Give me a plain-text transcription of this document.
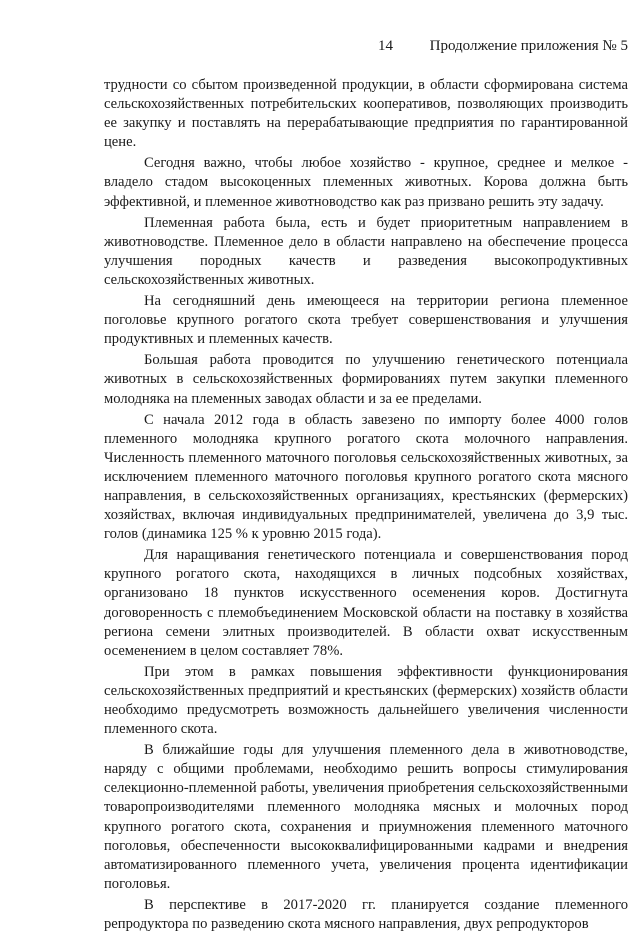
14 Продолжение приложения № 5

трудности со сбытом произведенной продукции, в области сформирована система сельскохозяйственных потребительских кооперативов, позволяющих производить ее закупку и поставлять на перерабатывающие предприятия по гарантированной цене.

Сегодня важно, чтобы любое хозяйство - крупное, среднее и мелкое - владело стадом высокоценных племенных животных. Корова должна быть эффективной, и племенное животноводство как раз призвано решить эту задачу.

Племенная работа была, есть и будет приоритетным направлением в животноводстве. Племенное дело в области направлено на обеспечение процесса улучшения породных качеств и разведения высокопродуктивных сельскохозяйственных животных.

На сегодняшний день имеющееся на территории региона племенное поголовье крупного рогатого скота требует совершенствования и улучшения продуктивных и племенных качеств.

Большая работа проводится по улучшению генетического потенциала животных в сельскохозяйственных формированиях путем закупки племенного молодняка на племенных заводах области и за ее пределами.

С начала 2012 года в область завезено по импорту более 4000 голов племенного молодняка крупного рогатого скота молочного направления. Численность племенного маточного поголовья сельскохозяйственных животных, за исключением племенного маточного поголовья крупного рогатого скота мясного направления, в сельскохозяйственных организациях, крестьянских (фермерских) хозяйствах, включая индивидуальных предпринимателей, увеличена до 3,9 тыс. голов (динамика 125 % к уровню 2015 года).

Для наращивания генетического потенциала и совершенствования пород крупного рогатого скота, находящихся в личных подсобных хозяйствах, организовано 18 пунктов искусственного осеменения коров. Достигнута договоренность с племобъединением Московской области на поставку в хозяйства региона семени элитных производителей. В области охват искусственным осеменением в целом составляет 78%.

При этом в рамках повышения эффективности функционирования сельскохозяйственных предприятий и крестьянских (фермерских) хозяйств области необходимо предусмотреть возможность дальнейшего увеличения численности племенного скота.

В ближайшие годы для улучшения племенного дела в животноводстве, наряду с общими проблемами, необходимо решить вопросы стимулирования селекционно-племенной работы, увеличения приобретения сельскохозяйственными товаропроизводителями племенного молодняка мясных и молочных пород крупного рогатого скота, сохранения и приумножения племенного маточного поголовья, обеспеченности высококвалифицированными кадрами и внедрения автоматизированного племенного учета, увеличения процента идентификации поголовья.

В перспективе в 2017-2020 гг. планируется создание племенного репродуктора по разведению скота мясного направления, двух репродукторов
